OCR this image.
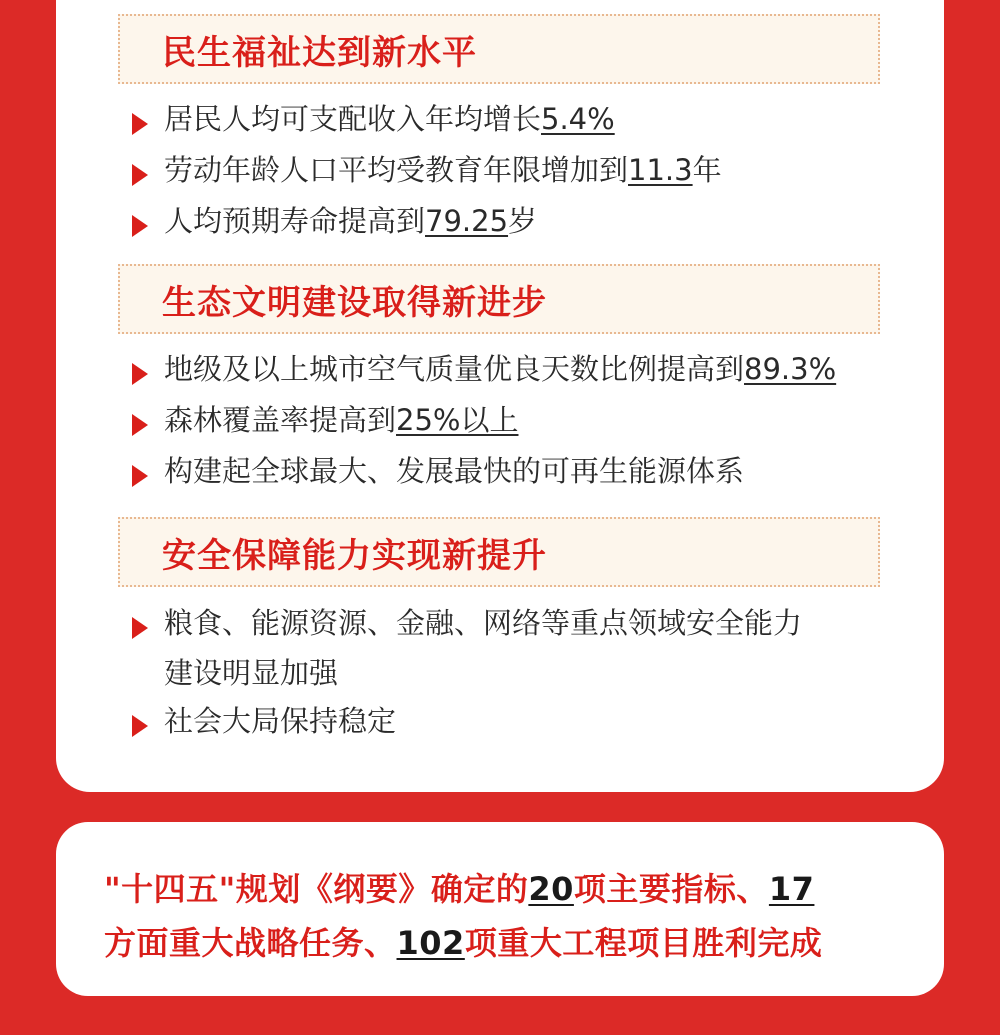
民生福祉达到新水平
居民人均可支配收入年均增长5.4%
劳动年龄人口平均受教育年限增加到11.3年
人均预期寿命提高到79.25岁
生态文明建设取得新进步
地级及以上城市空气质量优良天数比例提高到89.3%
森林覆盖率提高到25%以上
构建起全球最大、发展最快的可再生能源体系
安全保障能力实现新提升
粮食、能源资源、金融、网络等重点领域安全能力
建设明显加强
社会大局保持稳定
"十四五"规划《纲要》确定的20项主要指标、17
方面重大战略任务、102项重大工程项目胜利完成
